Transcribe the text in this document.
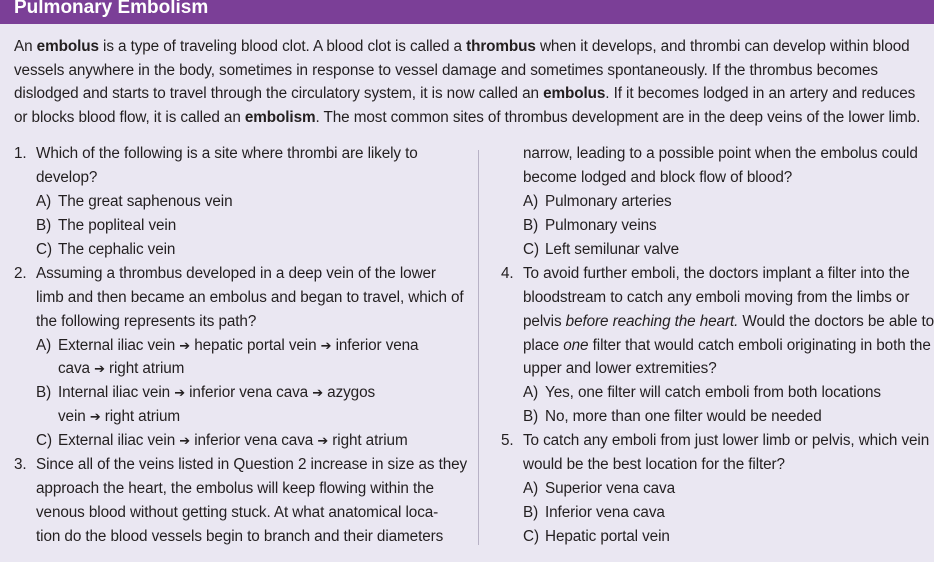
Pulmonary Embolism
An embolus is a type of traveling blood clot. A blood clot is called a thrombus when it develops, and thrombi can develop within blood vessels anywhere in the body, sometimes in response to vessel damage and sometimes spontaneously. If the thrombus becomes dislodged and starts to travel through the circulatory system, it is now called an embolus. If it becomes lodged in an artery and reduces or blocks blood flow, it is called an embolism. The most common sites of thrombus development are in the deep veins of the lower limb.
1. Which of the following is a site where thrombi are likely to
develop?
A) The great saphenous vein
B) The popliteal vein
C) The cephalic vein
2. Assuming a thrombus developed in a deep vein of the lower
limb and then became an embolus and began to travel, which of
the following represents its path?
A) External iliac vein ➔ hepatic portal vein ➔ inferior vena
cava ➔ right atrium
B) Internal iliac vein ➔ inferior vena cava ➔ azygos
vein ➔ right atrium
C) External iliac vein ➔ inferior vena cava ➔ right atrium
3. Since all of the veins listed in Question 2 increase in size as they
approach the heart, the embolus will keep flowing within the
venous blood without getting stuck. At what anatomical loca-
tion do the blood vessels begin to branch and their diameters
narrow, leading to a possible point when the embolus could
become lodged and block flow of blood?
A) Pulmonary arteries
B) Pulmonary veins
C) Left semilunar valve
4. To avoid further emboli, the doctors implant a filter into the
bloodstream to catch any emboli moving from the limbs or
pelvis before reaching the heart. Would the doctors be able to
place one filter that would catch emboli originating in both the
upper and lower extremities?
A) Yes, one filter will catch emboli from both locations
B) No, more than one filter would be needed
5. To catch any emboli from just lower limb or pelvis, which vein
would be the best location for the filter?
A) Superior vena cava
B) Inferior vena cava
C) Hepatic portal vein
